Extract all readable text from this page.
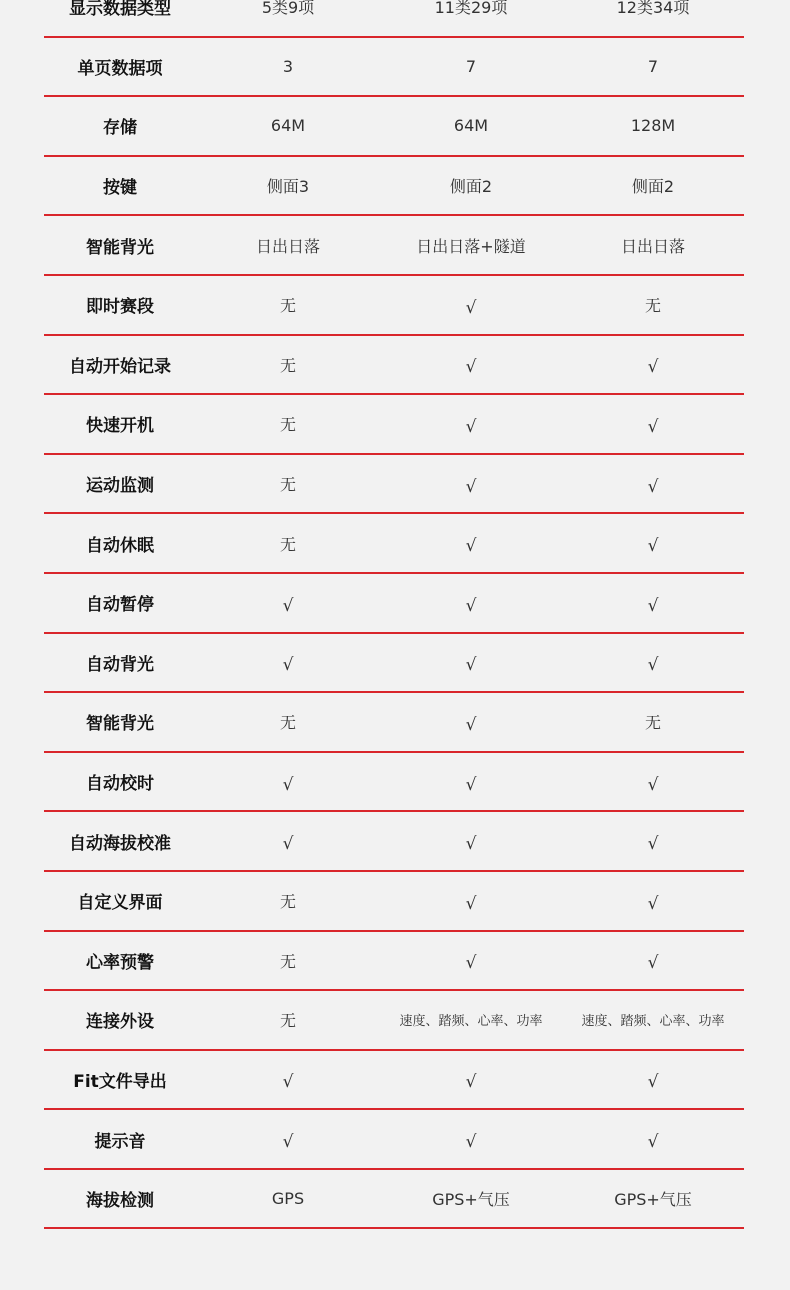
显示数据类型	5类9项	11类29项	12类34项
单页数据项	3	7	7
存储	64M	64M	128M
按键	侧面3	侧面2	侧面2
智能背光	日出日落	日出日落+隧道	日出日落
即时赛段	无	√	无
自动开始记录	无	√	√
快速开机	无	√	√
运动监测	无	√	√
自动休眠	无	√	√
自动暂停	√	√	√
自动背光	√	√	√
智能背光	无	√	无
自动校时	√	√	√
自动海拔校准	√	√	√
自定义界面	无	√	√
心率预警	无	√	√
连接外设	无	速度、踏频、心率、功率	速度、踏频、心率、功率
Fit文件导出	√	√	√
提示音	√	√	√
海拔检测	GPS	GPS+气压	GPS+气压
